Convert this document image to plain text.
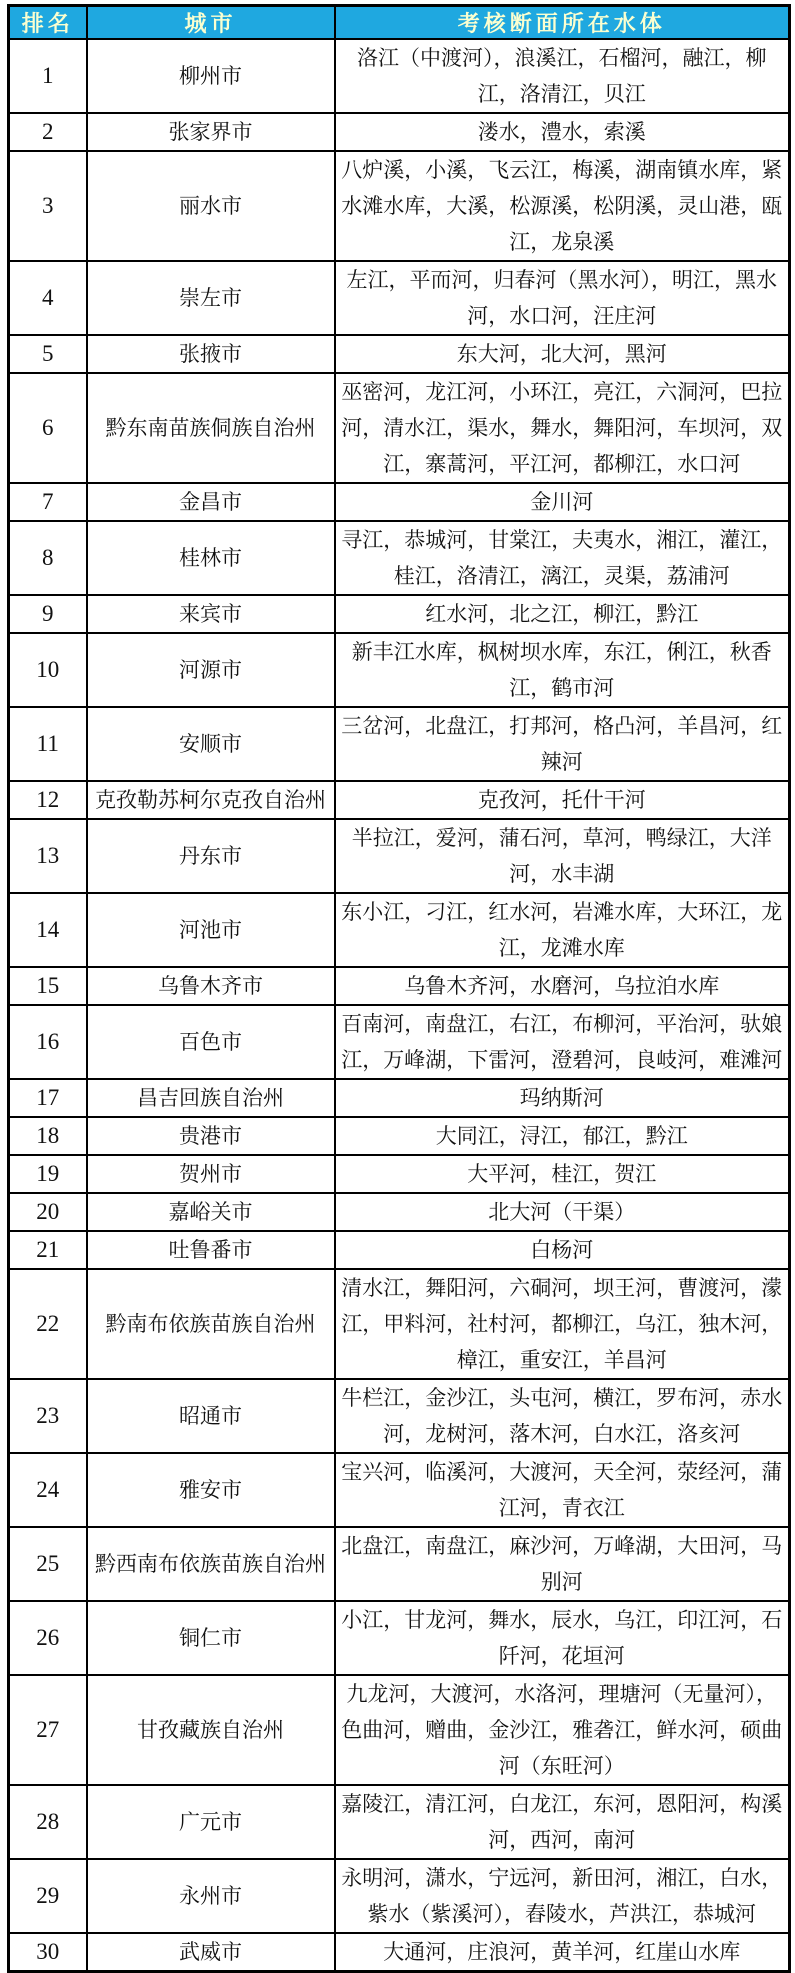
排名	城市	考核断面所在水体
1	柳州市	洛江（中渡河），浪溪江，石榴河，融江，柳江，洛清江，贝江
2	张家界市	溇水，澧水，索溪
3	丽水市	八炉溪，小溪，飞云江，梅溪，湖南镇水库，紧水滩水库，大溪，松源溪，松阴溪，灵山港，瓯江，龙泉溪
4	崇左市	左江，平而河，归春河（黑水河），明江，黑水河，水口河，汪庄河
5	张掖市	东大河，北大河，黑河
6	黔东南苗族侗族自治州	巫密河，龙江河，小环江，亮江，六洞河，巴拉河，清水江，渠水，舞水，舞阳河，车坝河，双江，寨蒿河，平江河，都柳江，水口河
7	金昌市	金川河
8	桂林市	寻江，恭城河，甘棠江，夫夷水，湘江，灌江，桂江，洛清江，漓江，灵渠，荔浦河
9	来宾市	红水河，北之江，柳江，黔江
10	河源市	新丰江水库，枫树坝水库，东江，俐江，秋香江，鹤市河
11	安顺市	三岔河，北盘江，打邦河，格凸河，羊昌河，红辣河
12	克孜勒苏柯尔克孜自治州	克孜河，托什干河
13	丹东市	半拉江，爱河，蒲石河，草河，鸭绿江，大洋河，水丰湖
14	河池市	东小江，刁江，红水河，岩滩水库，大环江，龙江，龙滩水库
15	乌鲁木齐市	乌鲁木齐河，水磨河，乌拉泊水库
16	百色市	百南河，南盘江，右江，布柳河，平治河，驮娘江，万峰湖，下雷河，澄碧河，良岐河，难滩河
17	昌吉回族自治州	玛纳斯河
18	贵港市	大同江，浔江，郁江，黔江
19	贺州市	大平河，桂江，贺江
20	嘉峪关市	北大河（干渠）
21	吐鲁番市	白杨河
22	黔南布依族苗族自治州	清水江，舞阳河，六硐河，坝王河，曹渡河，濛江，甲料河，社村河，都柳江，乌江，独木河，樟江，重安江，羊昌河
23	昭通市	牛栏江，金沙江，头屯河，横江，罗布河，赤水河，龙树河，落木河，白水江，洛亥河
24	雅安市	宝兴河，临溪河，大渡河，天全河，荥经河，蒲江河，青衣江
25	黔西南布依族苗族自治州	北盘江，南盘江，麻沙河，万峰湖，大田河，马别河
26	铜仁市	小江，甘龙河，舞水，辰水，乌江，印江河，石阡河，花垣河
27	甘孜藏族自治州	九龙河，大渡河，水洛河，理塘河（无量河），色曲河，赠曲，金沙江，雅砻江，鲜水河，硕曲河（东旺河）
28	广元市	嘉陵江，清江河，白龙江，东河，恩阳河，构溪河，西河，南河
29	永州市	永明河，潇水，宁远河，新田河，湘江，白水，紫水（紫溪河），舂陵水，芦洪江，恭城河
30	武威市	大通河，庄浪河，黄羊河，红崖山水库
